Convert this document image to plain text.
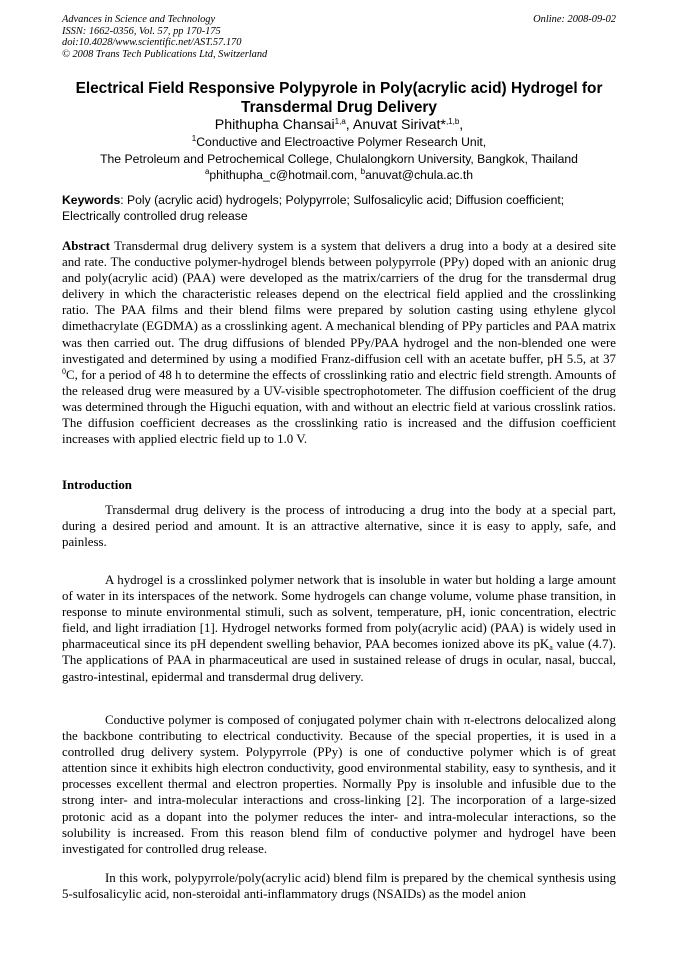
Advances in Science and Technology
ISSN: 1662-0356, Vol. 57, pp 170-175
doi:10.4028/www.scientific.net/AST.57.170
© 2008 Trans Tech Publications Ltd, Switzerland
Online: 2008-09-02
Electrical Field Responsive Polypyrole in Poly(acrylic acid) Hydrogel for
Transdermal Drug Delivery
Phithupha Chansai$^{1,a}$, Anuvat Sirivat*$^{,1,b}$,
$^1$Conductive and Electroactive Polymer Research Unit,
The Petroleum and Petrochemical College, Chulalongkorn University, Bangkok, Thailand
$^a$phithupha_c@hotmail.com, $^b$anuvat@chula.ac.th
Keywords: Poly (acrylic acid) hydrogels; Polypyrrole; Sulfosalicylic acid; Diffusion coefficient; Electrically controlled drug release
Abstract Transdermal drug delivery system is a system that delivers a drug into a body at a desired site and rate. The conductive polymer-hydrogel blends between polypyrrole (PPy) doped with an anionic drug and poly(acrylic acid) (PAA) were developed as the matrix/carriers of the drug for the transdermal drug delivery in which the characteristic releases depend on the electrical field applied and the crosslinking ratio. The PAA films and their blend films were prepared by solution casting using ethylene glycol dimethacrylate (EGDMA) as a crosslinking agent. A mechanical blending of PPy particles and PAA matrix was then carried out. The drug diffusions of blended PPy/PAA hydrogel and the non-blended one were investigated and determined by using a modified Franz-diffusion cell with an acetate buffer, pH 5.5, at 37 $^0$C, for a period of 48 h to determine the effects of crosslinking ratio and electric field strength. Amounts of the released drug were measured by a UV-visible spectrophotometer. The diffusion coefficient of the drug was determined through the Higuchi equation, with and without an electric field at various crosslink ratios. The diffusion coefficient decreases as the crosslinking ratio is increased and the diffusion coefficient increases with applied electric field up to 1.0 V.
Introduction
Transdermal drug delivery is the process of introducing a drug into the body at a special part, during a desired period and amount. It is an attractive alternative, since it is easy to apply, safe, and painless.
A hydrogel is a crosslinked polymer network that is insoluble in water but holding a large amount of water in its interspaces of the network. Some hydrogels can change volume, volume phase transition, in response to minute environmental stimuli, such as solvent, temperature, pH, ionic concentration, electric field, and light irradiation [1]. Hydrogel networks formed from poly(acrylic acid) (PAA) is widely used in pharmaceutical since its pH dependent swelling behavior, PAA becomes ionized above its $pK_a$ value (4.7). The applications of PAA in pharmaceutical are used in sustained release of drugs in ocular, nasal, buccal, gastro-intestinal, epidermal and transdermal drug delivery.
Conductive polymer is composed of conjugated polymer chain with π-electrons delocalized along the backbone contributing to electrical conductivity. Because of the special properties, it is used in a controlled drug delivery system. Polypyrrole (PPy) is one of conductive polymer which is of great attention since it exhibits high electron conductivity, good environmental stability, easy to synthesis, and it processes excellent thermal and electron properties. Normally Ppy is insoluble and infusible due to the strong inter- and intra-molecular interactions and cross-linking [2]. The incorporation of a large-sized protonic acid as a dopant into the polymer reduces the inter- and intra-molecular interactions, so the solubility is increased. From this reason blend film of conductive polymer and hydrogel have been investigated for controlled drug release.
In this work, polypyrrole/poly(acrylic acid) blend film is prepared by the chemical synthesis using 5-sulfosalicylic acid, non-steroidal anti-inflammatory drugs (NSAIDs) as the model anion
